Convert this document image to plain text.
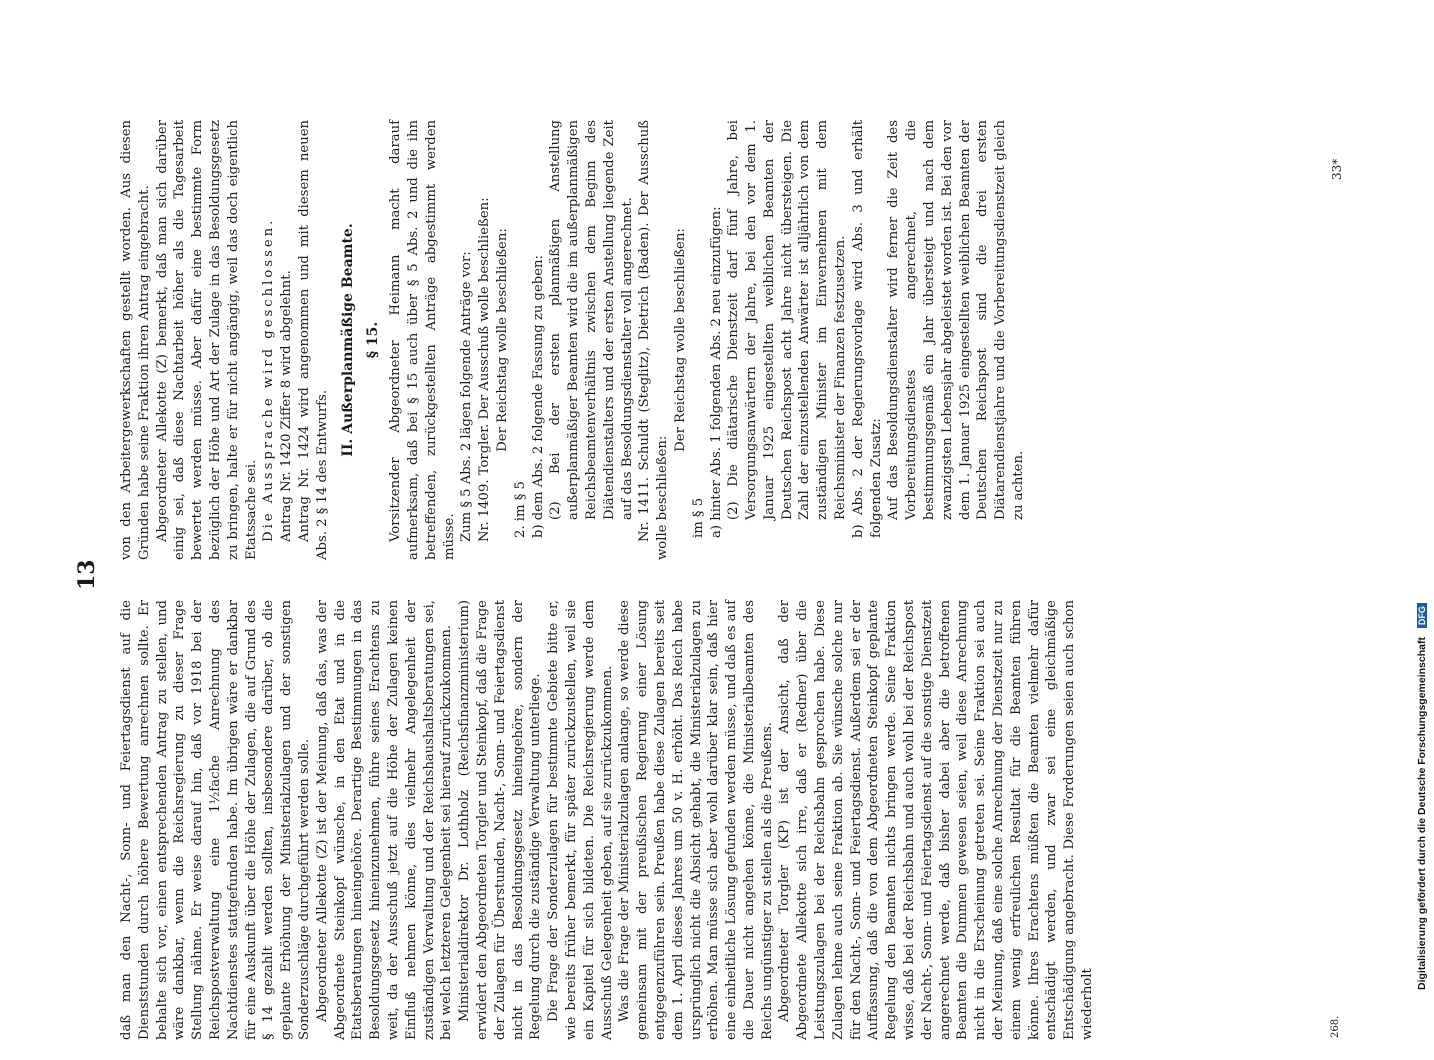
13

daß man den Nacht-, Sonn- und Feiertagsdienst auf die Dienststunden durch höhere Bewertung anrechnen sollte. Er behalte sich vor, einen entsprechenden Antrag zu stellen, und wäre dankbar, wenn die Reichsregierung zu dieser Frage Stellung nähme. Er weise darauf hin, daß vor 1918 bei der Reichspostverwaltung eine 1½fache Anrechnung des Nachtdienstes stattgefunden habe. Im übrigen wäre er dankbar für eine Auskunft über die Höhe der Zulagen, die auf Grund des § 14 gezahlt werden sollten, insbesondere darüber, ob die geplante Erhöhung der Ministerialzulagen und der sonstigen Sonderzuschläge durchgeführt werden solle. Abgeordneter Allekotte (Z) ist der Meinung, daß das, was der Abgeordnete Steinkopf wünsche, in den Etat und in die Etatsberatungen hineingehöre. Derartige Bestimmungen in das Besoldungsgesetz hineinzunehmen, führe seines Erachtens zu weit, da der Ausschuß jetzt auf die Höhe der Zulagen keinen Einfluß nehmen könne, dies vielmehr Angelegenheit der zuständigen Verwaltung und der Reichshaushaltsberatungen sei, bei welch letzteren Gelegenheit sei hierauf zurückzukommen. Ministerialdirektor Dr. Lothholz (Reichsfinanzministerium) erwidert den Abgeordneten Torgler und Steinkopf, daß die Frage der Zulagen für Überstunden, Nacht-, Sonn- und Feiertagsdienst nicht in das Besoldungsgesetz hineingehöre, sondern der Regelung durch die zuständige Verwaltung unterliege. Die Frage der Sonderzulagen für bestimmte Gebiete bitte er, wie bereits früher bemerkt, für später zurückzustellen, weil sie ein Kapitel für sich bildeten. Die Reichsregierung werde dem Ausschuß Gelegenheit geben, auf sie zurückzukommen. Was die Frage der Ministerialzulagen anlange, so werde diese gemeinsam mit der preußischen Regierung einer Lösung entgegenzuführen sein. Preußen habe diese Zulagen bereits seit dem 1. April dieses Jahres um 50 v. H. erhöht. Das Reich habe ursprünglich nicht die Absicht gehabt, die Ministerialzulagen zu erhöhen. Man müsse sich aber wohl darüber klar sein, daß hier eine einheitliche Lösung gefunden werden müsse, und daß es auf die Dauer nicht angehen könne, die Ministerialbeamten des Reichs ungünstiger zu stellen als die Preußens. Abgeordneter Torgler (KP) ist der Ansicht, daß der Abgeordnete Allekotte sich irre, daß er (Redner) über die Leistungszulagen bei der Reichsbahn gesprochen habe. Diese Zulagen lehne auch seine Fraktion ab. Sie wünsche solche nur für den Nacht-, Sonn- und Feiertagsdienst. Außerdem sei er der Auffassung, daß die von dem Abgeordneten Steinkopf geplante Regelung den Beamten nichts bringen werde. Seine Fraktion wisse, daß bei der Reichsbahn und auch wohl bei der Reichspost der Nacht-, Sonn- und Feiertagsdienst auf die sonstige Dienstzeit angerechnet werde, daß bisher dabei aber die betroffenen Beamten die Dummen gewesen seien, weil diese Anrechnung nicht in die Erscheinung getreten sei. Seine Fraktion sei auch der Meinung, daß eine solche Anrechnung der Dienstzeit nur zu einem wenig erfreulichen Resultat für die Beamten führen könne. Ihres Erachtens müßten die Beamten vielmehr dafür entschädigt werden, und zwar sei eine gleichmäßige Entschädigung angebracht. Diese Forderungen seien auch schon wiederholt

von den Arbeitergewerkschaften gestellt worden. Aus diesen Gründen habe seine Fraktion ihren Antrag eingebracht. Abgeordneter Allekotte (Z) bemerkt, daß man sich darüber einig sei, daß diese Nachtarbeit höher als die Tagesarbeit bewertet werden müsse. Aber dafür eine bestimmte Form bezüglich der Höhe und Art der Zulage in das Besoldungsgesetz zu bringen, halte er für nicht angängig, weil das doch eigentlich Etatssache sei. Die Aussprache wird geschlossen. Antrag Nr. 1420 Ziffer 8 wird abgelehnt. Antrag Nr. 1424 wird angenommen und mit diesem neuen Abs. 2 § 14 des Entwurfs.

II. Außerplanmäßige Beamte. § 15. Vorsitzender Abgeordneter Heimann macht darauf aufmerksam, daß bei § 15 auch über § 5 Abs. 2 und die ihn betreffenden, zurückgestellten Anträge abgestimmt werden müsse. Zum § 5 Abs. 2 lägen folgende Anträge vor: Nr. 1409. Torgler. Der Ausschuß wolle beschließen: Der Reichstag wolle beschließen:

2. im § 5 b) dem Abs. 2 folgende Fassung zu geben: (2) Bei der ersten planmäßigen Anstellung außerplanmäßiger Beamten wird die im außerplanmäßigen Reichsbeamtenverhältnis zwischen dem Beginn des Diätendienstalters und der ersten Anstellung liegende Zeit auf das Besoldungsdienstalter voll angerechnet. Nr. 1411. Schuldt (Steglitz), Dietrich (Baden). Der Ausschuß wolle beschließen:

Der Reichstag wolle beschließen:

im § 5 a) hinter Abs. 1 folgenden Abs. 2 neu einzufügen: (2) Die diätarische Dienstzeit darf fünf Jahre, bei Versorgungsanwärtern der Jahre, bei den vor dem 1. Januar 1925 eingestellten weiblichen Beamten der Deutschen Reichspost acht Jahre nicht übersteigen. Die Zahl der einzustellenden Anwärter ist alljährlich von dem zuständigen Minister im Einvernehmen mit dem Reichsminister der Finanzen festzusetzen. b) Abs. 2 der Regierungsvorlage wird Abs. 3 und erhält folgenden Zusatz: Auf das Besoldungsdienstalter wird ferner die Zeit des Vorbereitungsdienstes angerechnet, die bestimmungsgemäß ein Jahr übersteigt und nach dem zwanzigsten Lebensjahr abgeleistet worden ist. Bei den vor dem 1. Januar 1925 eingestellten weiblichen Beamten der Deutschen Reichspost sind die drei ersten Diätarendienstjahre und die Vorbereitungsdienstzeit gleich zu achten.

268.
33*
Digitalisierung gefördert durch die Deutsche Forschungsgemeinschaft DFG
